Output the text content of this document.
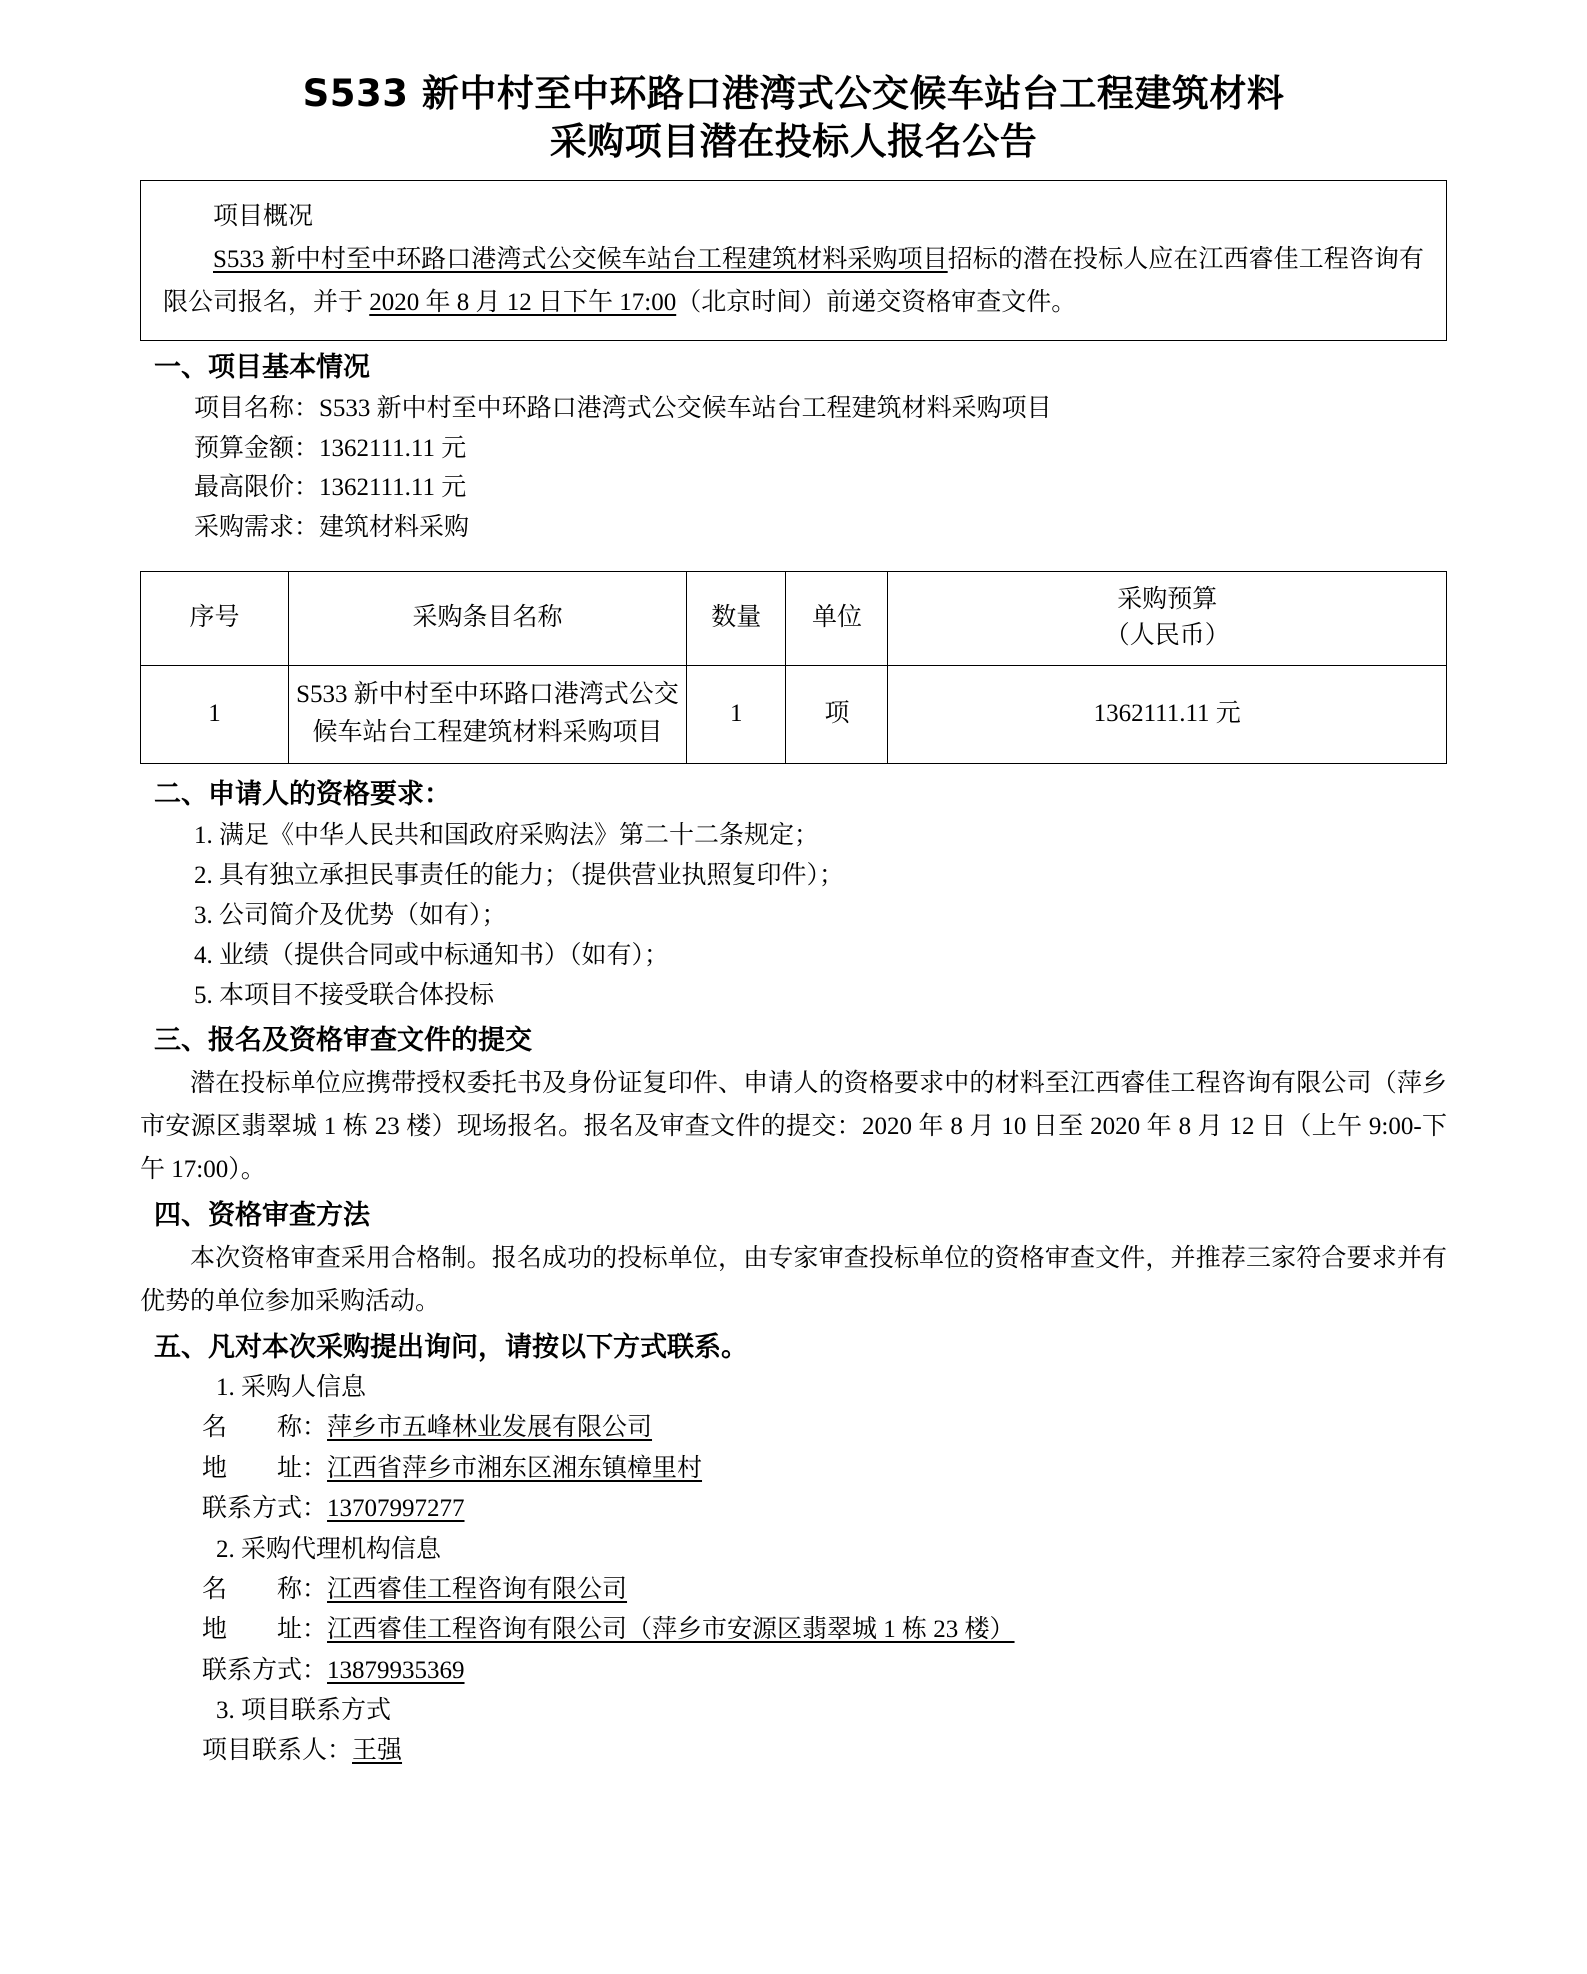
S533 新中村至中环路口港湾式公交候车站台工程建筑材料
采购项目潜在投标人报名公告

项目概况

S533 新中村至中环路口港湾式公交候车站台工程建筑材料采购项目招标的潜在投标人应在江西睿佳工程咨询有限公司报名，并于 2020 年 8 月 12 日下午 17:00（北京时间）前递交资格审查文件。

一、项目基本情况

项目名称：S533 新中村至中环路口港湾式公交候车站台工程建筑材料采购项目

预算金额：1362111.11 元

最高限价：1362111.11 元

采购需求：建筑材料采购

序号	采购条目名称	数量	单位	采购预算
（人民币）

1	S533 新中村至中环路口港湾式公交候车站台工程建筑材料采购项目	1	项	1362111.11 元
二、申请人的资格要求：

1. 满足《中华人民共和国政府采购法》第二十二条规定；

2. 具有独立承担民事责任的能力；（提供营业执照复印件）；

3. 公司简介及优势（如有）；

4. 业绩（提供合同或中标通知书）（如有）；

5. 本项目不接受联合体投标

三、报名及资格审查文件的提交

潜在投标单位应携带授权委托书及身份证复印件、申请人的资格要求中的材料至江西睿佳工程咨询有限公司（萍乡市安源区翡翠城 1 栋 23 楼）现场报名。报名及审查文件的提交：2020 年 8 月 10 日至 2020 年 8 月 12 日（上午 9:00-下午 17:00）。

四、资格审查方法

本次资格审查采用合格制。报名成功的投标单位，由专家审查投标单位的资格审查文件，并推荐三家符合要求并有优势的单位参加采购活动。

五、凡对本次采购提出询问，请按以下方式联系。

1. 采购人信息

名　　称：萍乡市五峰林业发展有限公司

地　　址：江西省萍乡市湘东区湘东镇樟里村

联系方式：13707997277

2. 采购代理机构信息

名　　称：江西睿佳工程咨询有限公司

地　　址：江西睿佳工程咨询有限公司（萍乡市安源区翡翠城 1 栋 23 楼）

联系方式：13879935369

3. 项目联系方式

项目联系人：王强
